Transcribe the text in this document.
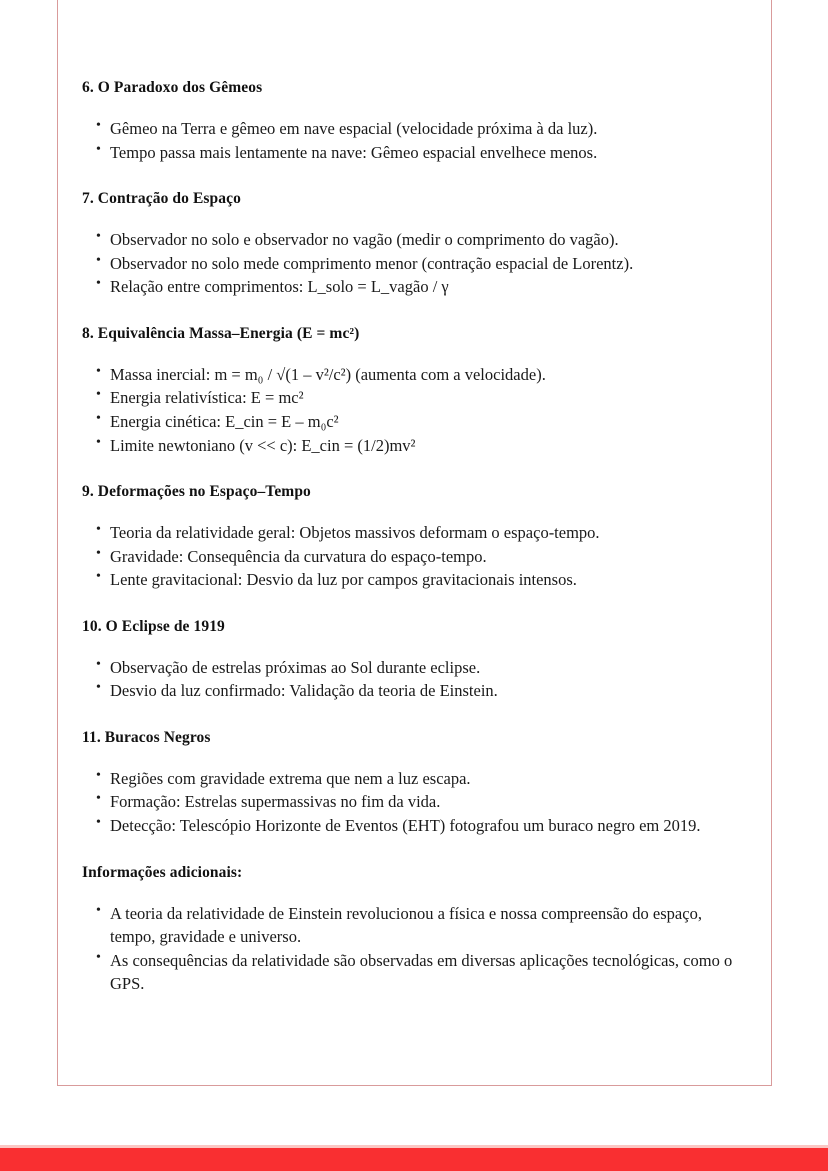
6. O Paradoxo dos Gêmeos
• Gêmeo na Terra e gêmeo em nave espacial (velocidade próxima à da luz).
• Tempo passa mais lentamente na nave: Gêmeo espacial envelhece menos.
7. Contração do Espaço
• Observador no solo e observador no vagão (medir o comprimento do vagão).
• Observador no solo mede comprimento menor (contração espacial de Lorentz).
• Relação entre comprimentos: L_solo = L_vagão / γ
8. Equivalência Massa–Energia (E = mc²)
• Massa inercial: m = m₀ / √(1 – v²/c²) (aumenta com a velocidade).
• Energia relativística: E = mc²
• Energia cinética: E_cin = E – m₀c²
• Limite newtoniano (v << c): E_cin = (1/2)mv²
9. Deformações no Espaço–Tempo
• Teoria da relatividade geral: Objetos massivos deformam o espaço-tempo.
• Gravidade: Consequência da curvatura do espaço-tempo.
• Lente gravitacional: Desvio da luz por campos gravitacionais intensos.
10. O Eclipse de 1919
• Observação de estrelas próximas ao Sol durante eclipse.
• Desvio da luz confirmado: Validação da teoria de Einstein.
11. Buracos Negros
• Regiões com gravidade extrema que nem a luz escapa.
• Formação: Estrelas supermassivas no fim da vida.
• Detecção: Telescópio Horizonte de Eventos (EHT) fotografou um buraco negro em 2019.
Informações adicionais:
• A teoria da relatividade de Einstein revolucionou a física e nossa compreensão do espaço, tempo, gravidade e universo.
• As consequências da relatividade são observadas em diversas aplicações tecnológicas, como o GPS.
